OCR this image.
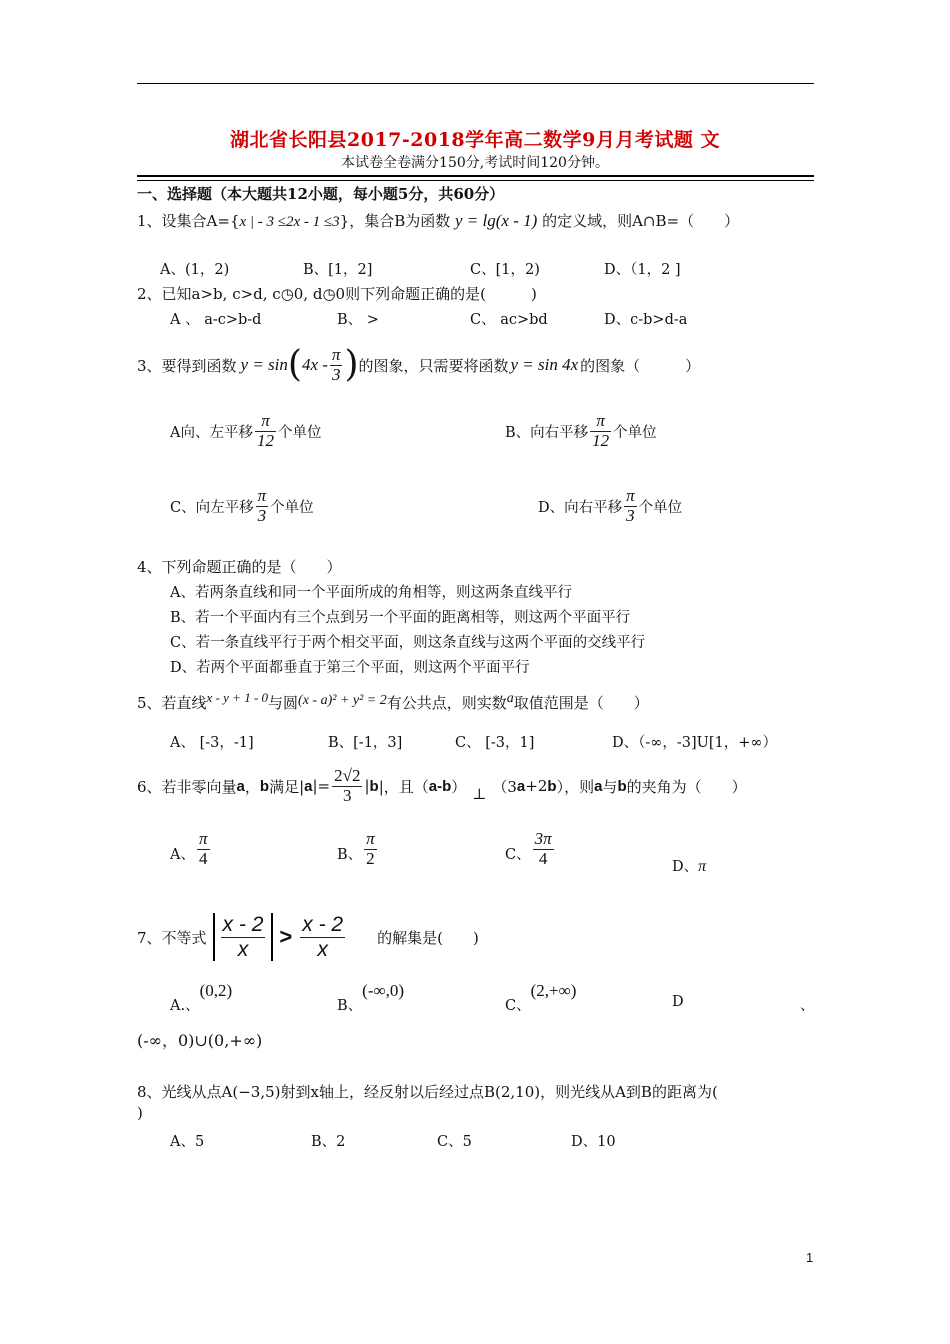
湖北省长阳县2017-2018学年高二数学9月月考试题 文
本试卷全卷满分150分,考试时间120分钟。
一、选择题（本大题共12小题，每小题5分，共60分）
1、设集合A={x | - 3 ≤2x - 1 ≤3}，集合B为函数 y = lg(x - 1) 的定义域，则A∩B=（　　）
A、(1，2)	B、[1，2]	C、[1，2)	D、（1，2 ]
2、已知a>b, c>d, c◷0, d◷0则下列命题正确的是(　　　)
A 、 a-c>b-d	B、 >	C、 ac>bd	D、c-b>d-a
3、要得到函数 y = sin ( $4x - \frac{\pi}{3}$ ) 的图象，只需要将函数 y = sin 4x 的图象（　　　）
A向、左平移 $\frac{\pi}{12}$ 个单位	B、向右平移 $\frac{\pi}{12}$ 个单位
C、向左平移 $\frac{\pi}{3}$ 个单位	D、向右平移 $\frac{\pi}{3}$ 个单位
4、下列命题正确的是（　　）
A、若两条直线和同一个平面所成的角相等，则这两条直线平行
B、若一个平面内有三个点到另一个平面的距离相等，则这两个平面平行
C、若一条直线平行于两个相交平面，则这条直线与这两个平面的交线平行
D、若两个平面都垂直于第三个平面，则这两个平面平行
5、若直线x - y + 1 - 0与圆(x - a)² + y² = 2有公共点，则实数a取值范围是（　　）
A、 [-3，-1]	B、[-1，3]	C、 [-3，1]	D、（-∞，-3]U[1，+∞）
6、若非零向量 a ， b 满足| a |= $\frac{2√2}{3}$ | b |，且（ a-b ） ⊥ （3 a +2 b ），则 a 与 b 的夹角为（　　）
A、 $\frac{\pi}{4}$	B、 $\frac{\pi}{2}$	C、 $\frac{3\pi}{4}$	D、π
7、不等式 $\frac{x - 2}{x} > \frac{x - 2}{x}$ 的解集是(　　)
A.、(0,2)
B、(-∞,0)
C、(2,+∞)
D	、
(-∞，0)∪(0,+∞)
8、光线从点A(−3,5)射到x轴上，经反射以后经过点B(2,10)，则光线从A到B的距离为(
)
A、5	B、2	C、5	D、10
1
